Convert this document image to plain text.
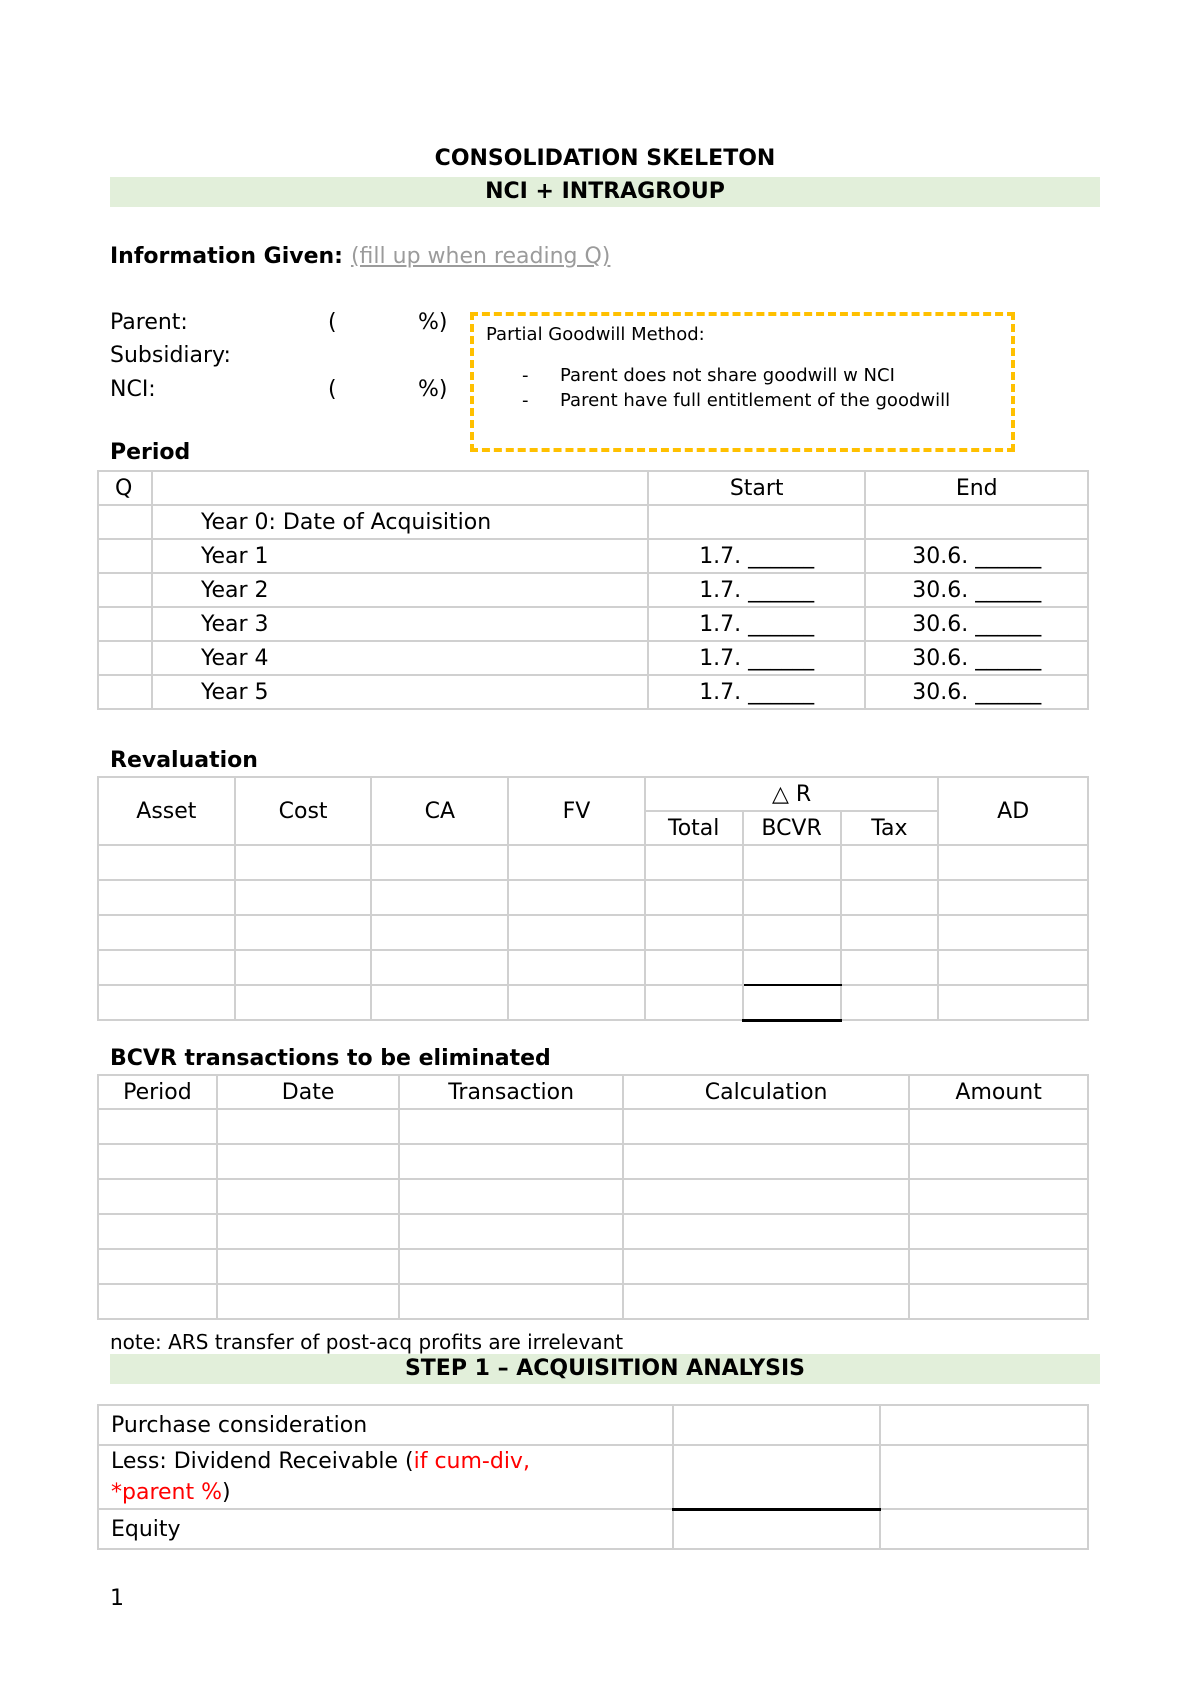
CONSOLIDATION SKELETON
NCI + INTRAGROUP
Information Given: (fill up when reading Q)
Parent:	(	%)
Subsidiary:
NCI:	(	%)
Partial Goodwill Method:
-	Parent does not share goodwill w NCI
-	Parent have full entitlement of the goodwill
Period
Q		Start	End
	Year 0: Date of Acquisition		
	Year 1	1.7. ______	30.6. ______
	Year 2	1.7. ______	30.6. ______
	Year 3	1.7. ______	30.6. ______
	Year 4	1.7. ______	30.6. ______
	Year 5	1.7. ______	30.6. ______
Revaluation
Asset	Cost	CA	FV	△ R			AD
				Total	BCVR	Tax	

BCVR transactions to be eliminated
Period	Date	Transaction	Calculation	Amount

note: ARS transfer of post-acq profits are irrelevant
STEP 1 – ACQUISITION ANALYSIS
Purchase consideration		
Less: Dividend Receivable (if cum-div,
*parent %)		
Equity		
1
